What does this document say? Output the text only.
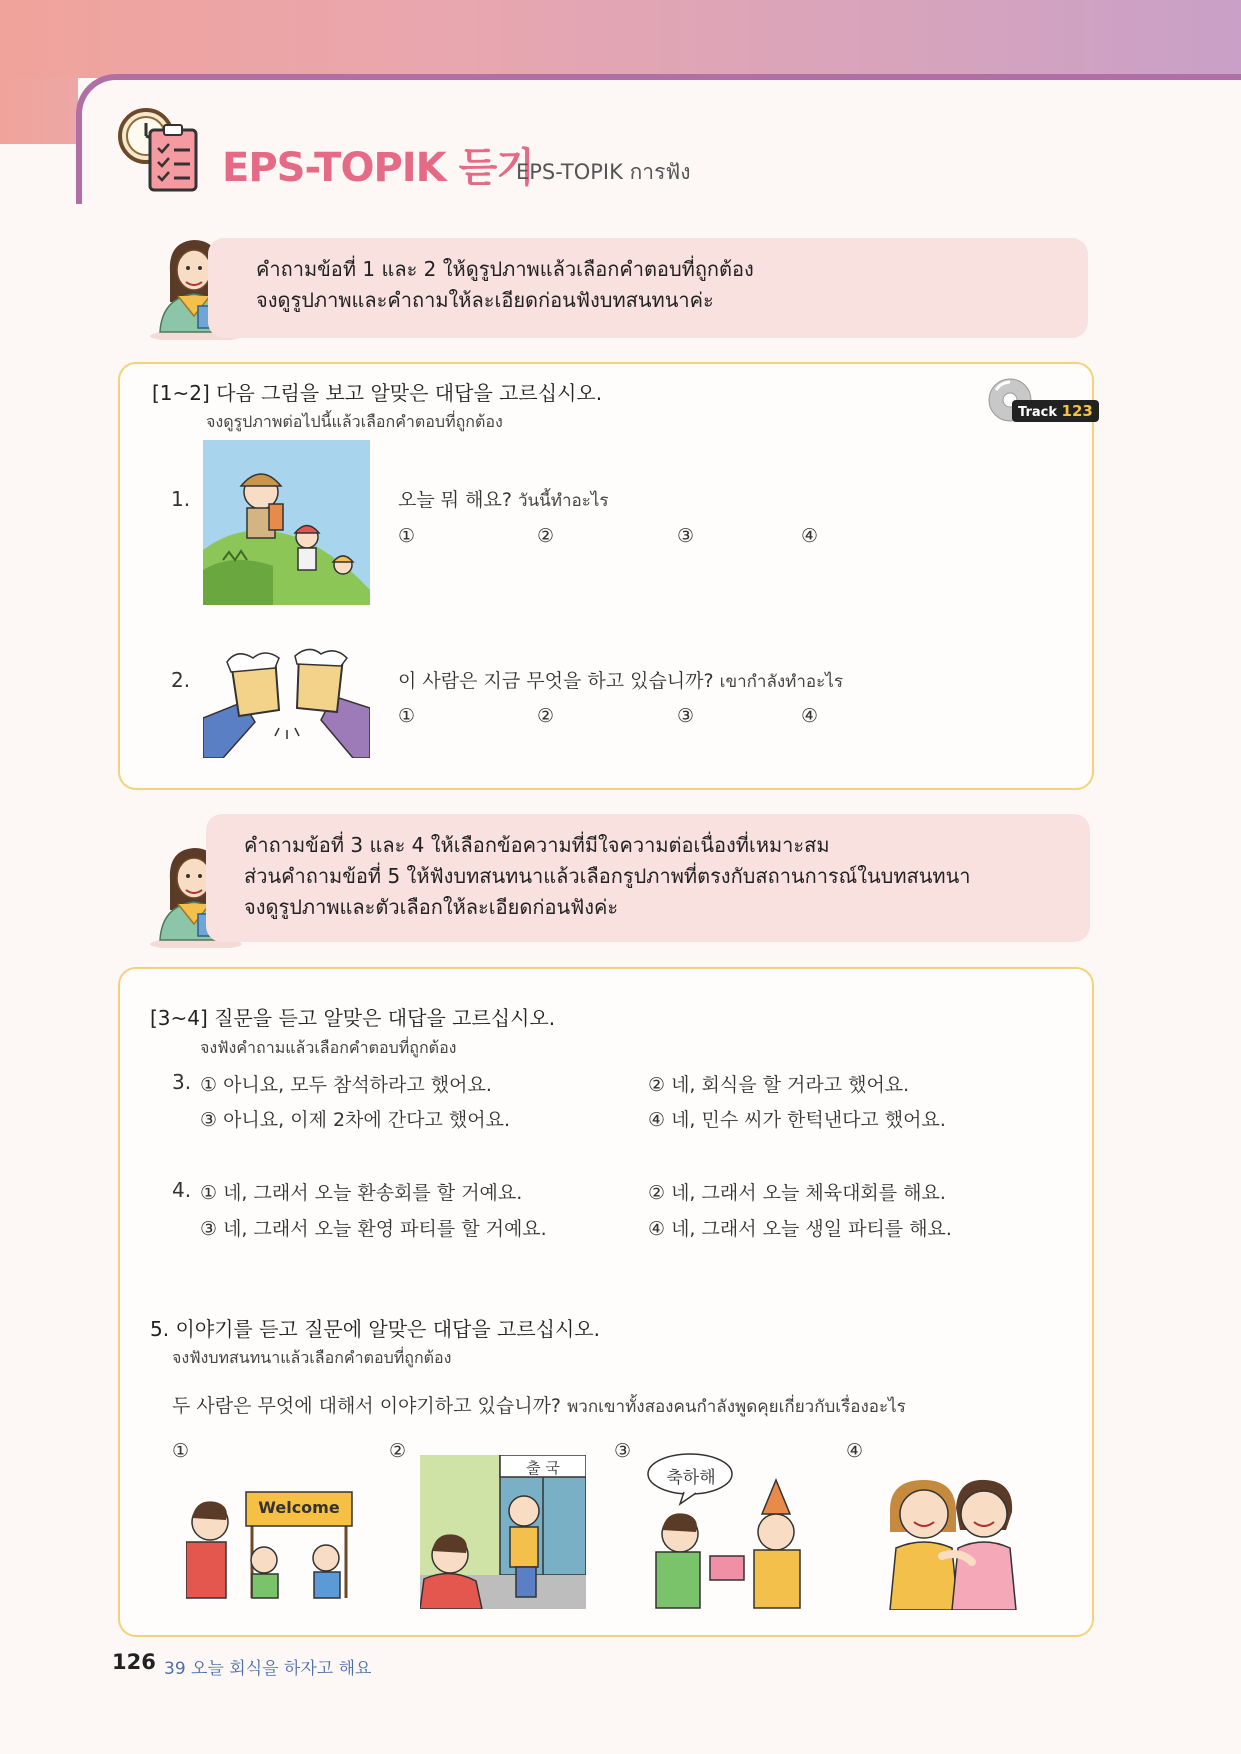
EPS-TOPIK 듣기
EPS-TOPIK การฟัง
คำถามข้อที่ 1 และ 2 ให้ดูรูปภาพแล้วเลือกคำตอบที่ถูกต้อง
จงดูรูปภาพและคำถามให้ละเอียดก่อนฟังบทสนทนาค่ะ
[1~2] 다음 그림을 보고 알맞은 대답을 고르십시오.
จงดูรูปภาพต่อไปนี้แล้วเลือกคำตอบที่ถูกต้อง	Track 123
1.	오늘 뭐 해요? วันนี้ทำอะไร
①	②	③	④
2.	이 사람은 지금 무엇을 하고 있습니까? เขากำลังทำอะไร
①	②	③	④
คำถามข้อที่ 3 และ 4 ให้เลือกข้อความที่มีใจความต่อเนื่องที่เหมาะสม
ส่วนคำถามข้อที่ 5 ให้ฟังบทสนทนาแล้วเลือกรูปภาพที่ตรงกับสถานการณ์ในบทสนทนา
จงดูรูปภาพและตัวเลือกให้ละเอียดก่อนฟังค่ะ
[3~4] 질문을 듣고 알맞은 대답을 고르십시오.
จงฟังคำถามแล้วเลือกคำตอบที่ถูกต้อง
3. ① 아니요, 모두 참석하라고 했어요.	② 네, 회식을 할 거라고 했어요.
③ 아니요, 이제 2차에 간다고 했어요.	④ 네, 민수 씨가 한턱낸다고 했어요.
4. ① 네, 그래서 오늘 환송회를 할 거예요.	② 네, 그래서 오늘 체육대회를 해요.
③ 네, 그래서 오늘 환영 파티를 할 거예요.	④ 네, 그래서 오늘 생일 파티를 해요.
5. 이야기를 듣고 질문에 알맞은 대답을 고르십시오.
จงฟังบทสนทนาแล้วเลือกคำตอบที่ถูกต้อง
두 사람은 무엇에 대해서 이야기하고 있습니까? พวกเขาทั้งสองคนกำลังพูดคุยเกี่ยวกับเรื่องอะไร
①	②	③	④
Welcome
출 국	축하해
126 39 오늘 회식을 하자고 해요
